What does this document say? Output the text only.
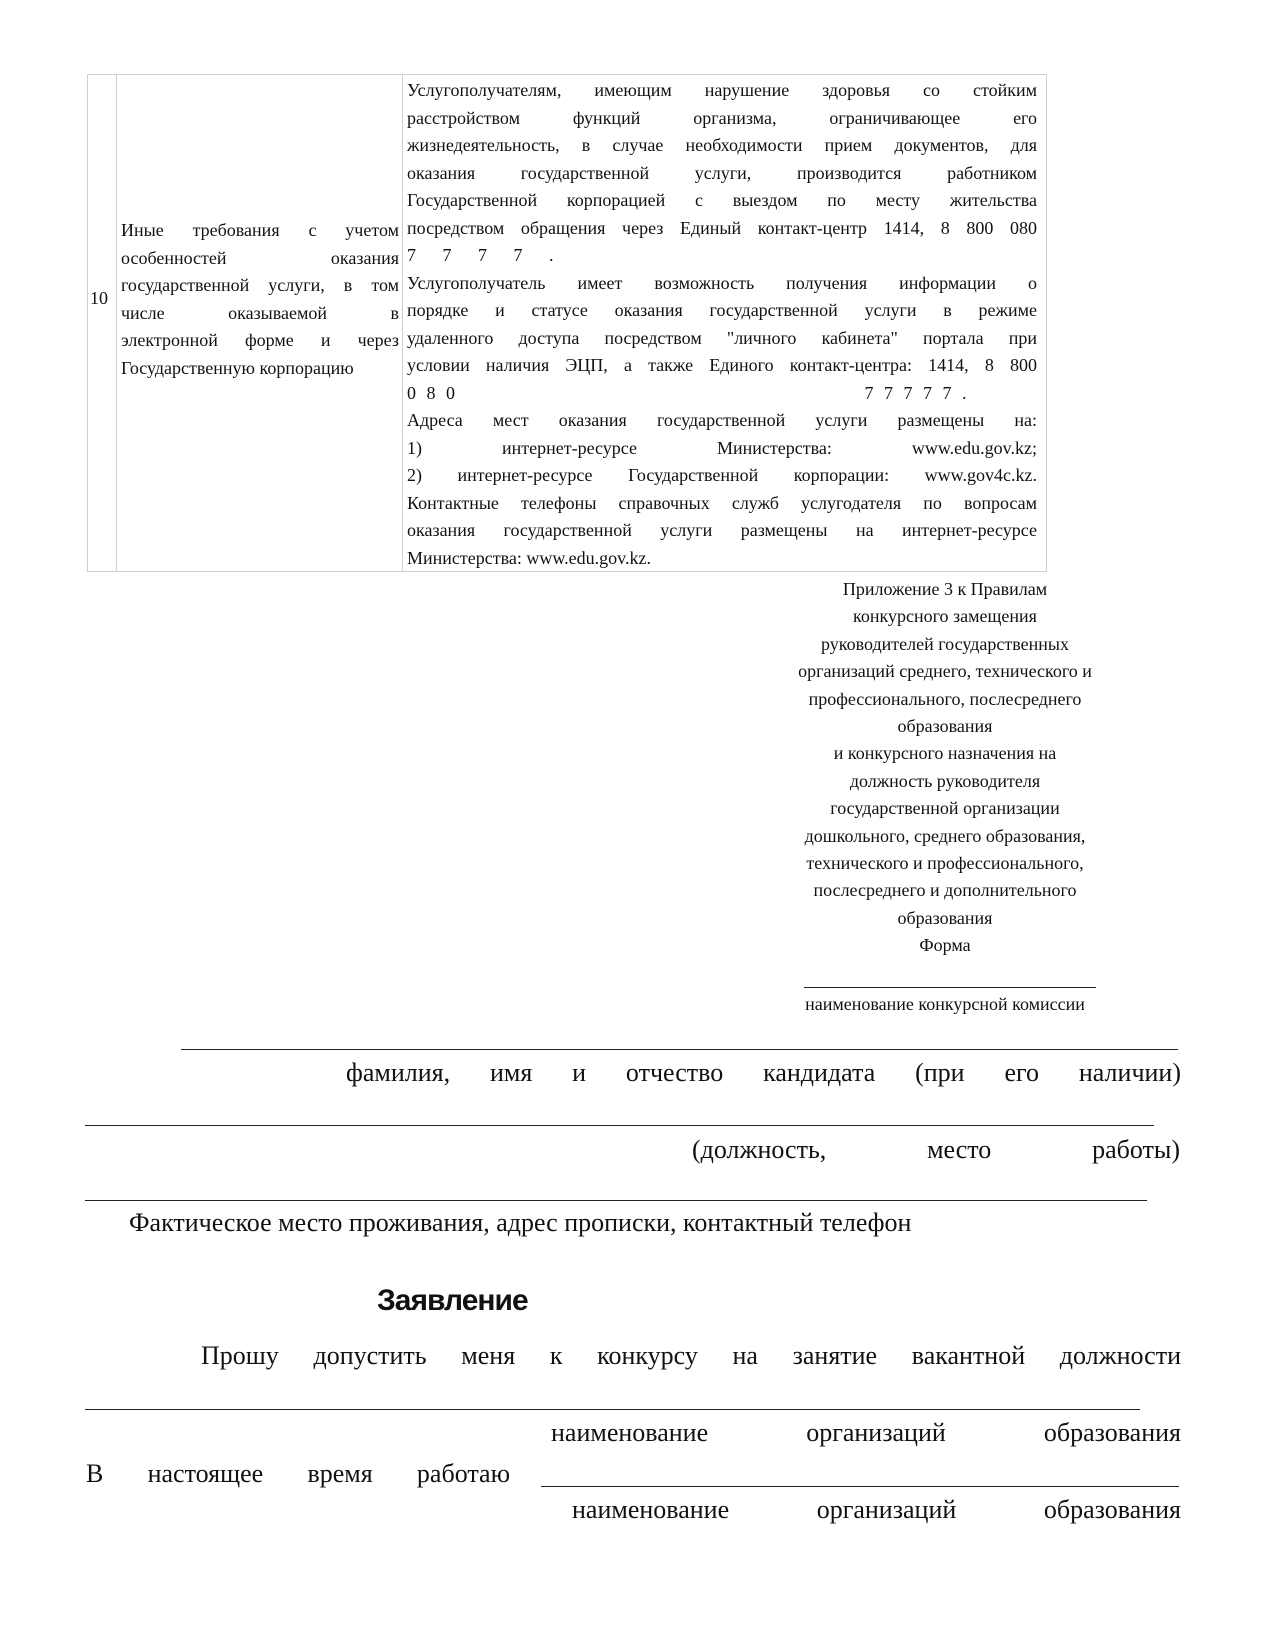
10
Иные требования с учетом
особенностей оказания
государственной услуги, в том
числе оказываемой в
электронной форме и через
Государственную корпорацию
Услугополучателям, имеющим нарушение здоровья со стойким
расстройством функций организма, ограничивающее его
жизнедеятельность, в случае необходимости прием документов, для
оказания государственной услуги, производится работником
Государственной корпорацией с выездом по месту жительства
посредством обращения через Единый контакт-центр 1414, 8 800 080
7 7 7 7 .
Услугополучатель имеет возможность получения информации о
порядке и статусе оказания государственной услуги в режиме
удаленного доступа посредством "личного кабинета" портала при
условии наличия ЭЦП, а также Единого контакт-центра: 1414, 8 800
0 8 0                                       7 7 7 7 7 .
Адреса мест оказания государственной услуги размещены на:
1) интернет-ресурсе Министерства: www.edu.gov.kz;
2) интернет-ресурсе Государственной корпорации: www.gov4c.kz.
Контактные телефоны справочных служб услугодателя по вопросам
оказания государственной услуги размещены на интернет-ресурсе
Министерства: www.edu.gov.kz.
Приложение 3 к Правилам
конкурсного замещения
руководителей государственных
организаций среднего, технического и
профессионального, послесреднего
образования
и конкурсного назначения на
должность руководителя
государственной организации
дошкольного, среднего образования,
технического и профессионального,
послесреднего и дополнительного
образования
Форма
наименование конкурсной комиссии
фамилия, имя и отчество кандидата (при его наличии)
(должность, место работы)
Фактическое место проживания, адрес прописки, контактный телефон
Заявление
Прошу допустить меня к конкурсу на занятие вакантной должности
наименование организаций образования
В настоящее время работаю
наименование организаций образования
